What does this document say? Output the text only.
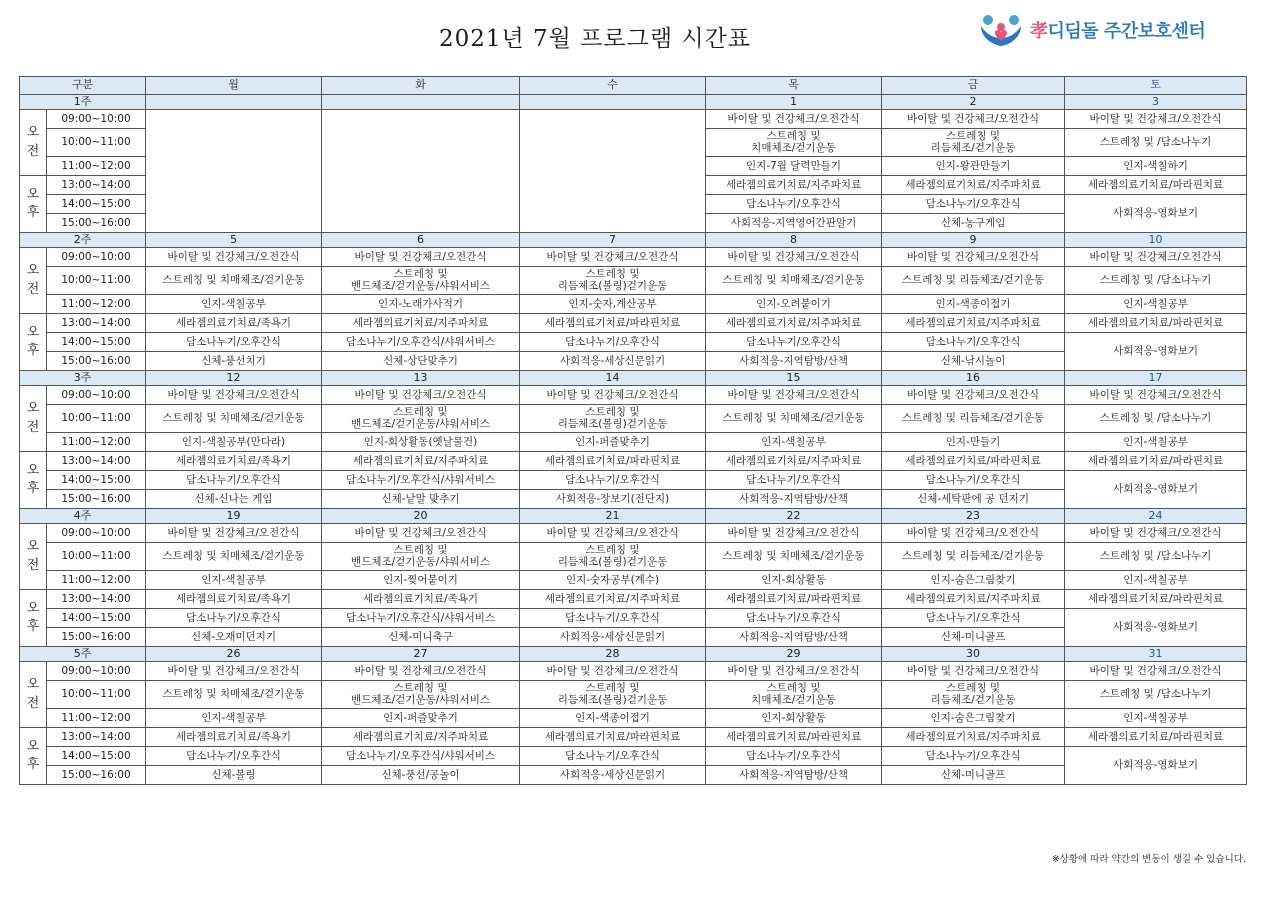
2021년 7월 프로그램 시간표	孝디딤돌 주간보호센터
구분		월	화	수	목	금	토
1주					1	2	3
오
전	09:00~10:00				바이탈 및 건강체크/오전간식	바이탈 및 건강체크/오전간식	바이탈 및 건강체크/오전간식
	10:00~11:00				스트레칭 및
치매체조/걷기운동	스트레칭 및
리듬체조/걷기운동	스트레칭 및 /담소나누기
	11:00~12:00				인지-7월 달력만들기	인지-왕관만들기	인지-색칠하기
오
후	13:00~14:00				세라젬의료기치료/지주파치료	세라젬의료기치료/지주파치료	세라젬의료기치료/파라핀치료
	14:00~15:00				담소나누기/오후간식	담소나누기/오후간식	사회적응-영화보기
	15:00~16:00				사회적응-지역영어간판알기	신체-농구게임	
2주		5	6	7	8	9	10
오
전	09:00~10:00	바이탈 및 건강체크/오전간식	바이탈 및 건강체크/오전간식	바이탈 및 건강체크/오전간식	바이탈 및 건강체크/오전간식	바이탈 및 건강체크/오전간식	바이탈 및 건강체크/오전간식
	10:00~11:00	스트레칭 및 치매체조/걷기운동	스트레칭 및
밴드체조/걷기운동/샤워서비스	스트레칭 및
리듬체조(볼링)걷기운동	스트레칭 및 치매체조/걷기운동	스트레칭 및 리듬체조/걷기운동	스트레칭 및 /담소나누기
	11:00~12:00	인지-색칠공부	인지-노래가사적기	인지-숫자,계산공부	인지-오려붙이기	인지-색종이접기	인지-색칠공부
오
후	13:00~14:00	세라젬의료기치료/족욕기	세라젬의료기치료/지주파치료	세라젬의료기치료/파라핀치료	세라젬의료기치료/지주파치료	세라젬의료기치료/지주파치료	세라젬의료기치료/파라핀치료
	14:00~15:00	담소나누기/오후간식	담소나누기/오후간식/샤워서비스	담소나누기/오후간식	담소나누기/오후간식	담소나누기/오후간식	사회적응-영화보기
	15:00~16:00	신체-풍선치기	신체-상단맞추기	사회적응-세상신문읽기	사회적응-지역탐방/산책	신체-낚시놀이	
3주		12	13	14	15	16	17
오
전	09:00~10:00	바이탈 및 건강체크/오전간식	바이탈 및 건강체크/오전간식	바이탈 및 건강체크/오전간식	바이탈 및 건강체크/오전간식	바이탈 및 건강체크/오전간식	바이탈 및 건강체크/오전간식
	10:00~11:00	스트레칭 및 치매체조/걷기운동	스트레칭 및
밴드체조/걷기운동/샤워서비스	스트레칭 및
리듬체조(볼링)걷기운동	스트레칭 및 치매체조/걷기운동	스트레칭 및 리듬체조/걷기운동	스트레칭 및 /담소나누기
	11:00~12:00	인지-색칠공부(만다라)	인지-회상활동(옛날물건)	인지-퍼즐맞추기	인지-색칠공부	인지-만들기	인지-색칠공부
오
후	13:00~14:00	세라젬의료기치료/족욕기	세라젬의료기치료/지주파치료	세라젬의료기치료/파라핀치료	세라젬의료기치료/지주파치료	세라젬의료기치료/파라핀치료	세라젬의료기치료/파라핀치료
	14:00~15:00	담소나누기/오후간식	담소나누기/오후간식/샤워서비스	담소나누기/오후간식	담소나누기/오후간식	담소나누기/오후간식	사회적응-영화보기
	15:00~16:00	신체-신나는 게임	신체-낱말 맞추기	사회적응-장보기(전단지)	사회적응-지역탐방/산책	신체-세탁판에 공 던지기	
4주		19	20	21	22	23	24
오
전	09:00~10:00	바이탈 및 건강체크/오전간식	바이탈 및 건강체크/오전간식	바이탈 및 건강체크/오전간식	바이탈 및 건강체크/오전간식	바이탈 및 건강체크/오전간식	바이탈 및 건강체크/오전간식
	10:00~11:00	스트레칭 및 치매체조/걷기운동	스트레칭 및
밴드체조/걷기운동/샤워서비스	스트레칭 및
리듬체조(볼링)걷기운동	스트레칭 및 치매체조/걷기운동	스트레칭 및 리듬체조/걷기운동	스트레칭 및 /담소나누기
	11:00~12:00	인지-색칠공부	인지-찢어붙이기	인지-숫자공부(계수)	인지-회상활동	인지-숨은그림찾기	인지-색칠공부
오
후	13:00~14:00	세라젬의료기치료/족욕기	세라젬의료기치료/족욕기	세라젬의료기치료/지주파치료	세라젬의료기치료/파라핀치료	세라젬의료기치료/지주파치료	세라젬의료기치료/파라핀치료
	14:00~15:00	담소나누기/오후간식	담소나누기/오후간식/샤워서비스	담소나누기/오후간식	담소나누기/오후간식	담소나누기/오후간식	사회적응-영화보기
	15:00~16:00	신체-오재미던지기	신체-미니축구	사회적응-세상신문읽기	사회적응-지역탐방/산책	신체-미니골프	
5주		26	27	28	29	30	31
오
전	09:00~10:00	바이탈 및 건강체크/오전간식	바이탈 및 건강체크/오전간식	바이탈 및 건강체크/오전간식	바이탈 및 건강체크/오전간식	바이탈 및 건강체크/오전간식	바이탈 및 건강체크/오전간식
	10:00~11:00	스트레칭 및 치매체조/걷기운동	스트레칭 및
밴드체조/걷기운동/샤워서비스	스트레칭 및
리듬체조(볼링)걷기운동	스트레칭 및
치매체조/걷기운동	스트레칭 및
리듬체조/걷기운동	스트레칭 및 /담소나누기
	11:00~12:00	인지-색칠공부	인지-퍼즐맞추기	인지-색종이접기	인지-회상활동	인지-숨은그림찾기	인지-색칠공부
오
후	13:00~14:00	세라젬의료기치료/족욕기	세라젬의료기치료/지주파치료	세라젬의료기치료/파라핀치료	세라젬의료기치료/파라핀치료	세라젬의료기치료/지주파치료	세라젬의료기치료/파라핀치료
	14:00~15:00	담소나누기/오후간식	담소나누기/오후간식/샤워서비스	담소나누기/오후간식	담소나누기/오후간식	담소나누기/오후간식	사회적응-영화보기
	15:00~16:00	신체-볼링	신체-풍선/공놀이	사회적응-세상신문읽기	사회적응-지역탐방/산책	신체-미니골프	
※상황에 따라 약간의 변동이 생길 수 있습니다.
